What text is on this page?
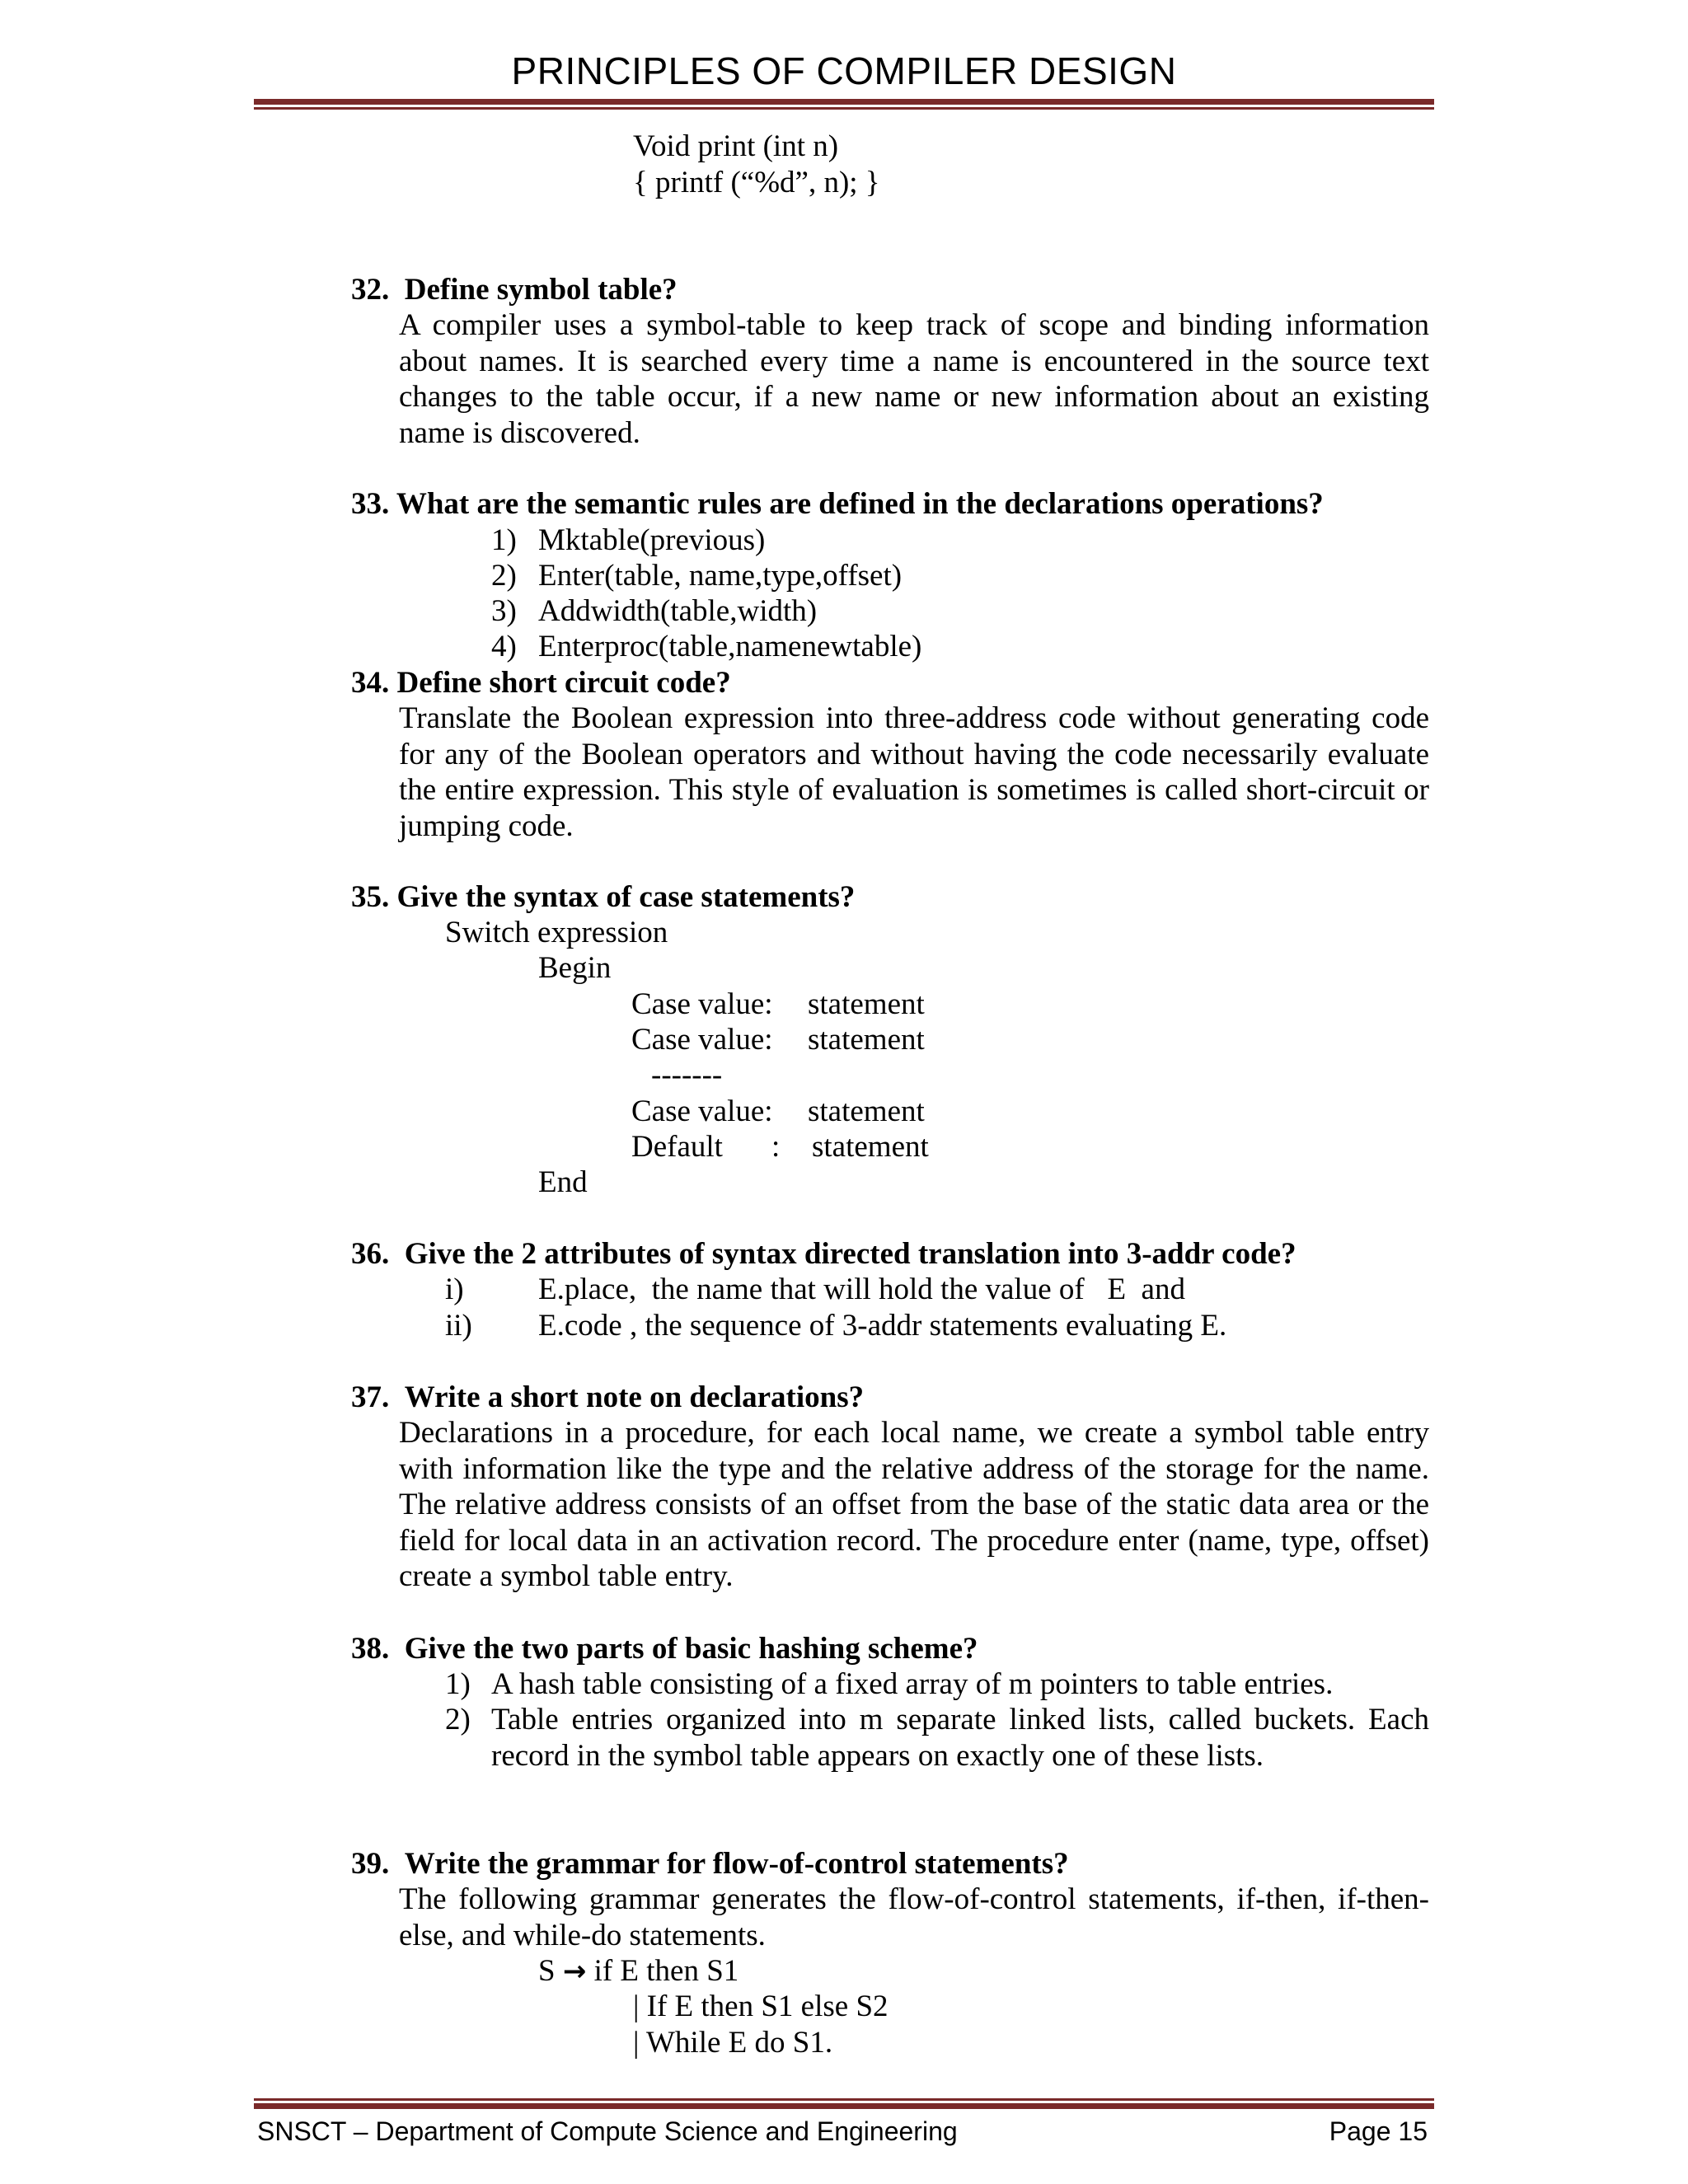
PRINCIPLES OF COMPILER DESIGN
Void print (int n)
{ printf (“%d”, n); }
32. Define symbol table?
A compiler uses a symbol-table to keep track of scope and binding information about names. It is searched every time a name is encountered in the source text changes to the table occur, if a new name or new information about an existing name is discovered.
33. What are the semantic rules are defined in the declarations operations?
1) Mktable(previous)
2) Enter(table, name,type,offset)
3) Addwidth(table,width)
4) Enterproc(table,namenewtable)
34. Define short circuit code?
Translate the Boolean expression into three-address code without generating code for any of the Boolean operators and without having the code necessarily evaluate the entire expression. This style of evaluation is sometimes is called short-circuit or jumping code.
35. Give the syntax of case statements?
Switch expression
Begin
Case value: statement
Case value: statement
-------
Case value: statement
Default : statement
End
36. Give the 2 attributes of syntax directed translation into 3-addr code?
i) E.place,  the name that will hold the value of   E  and
ii) E.code , the sequence of 3-addr statements evaluating E.
37. Write a short note on declarations?
Declarations in a procedure, for each local name, we create a symbol table entry with information like the type and the relative address of the storage for the name. The relative address consists of an offset from the base of the static data area or the field for local data in an activation record. The procedure enter (name, type, offset) create a symbol table entry.
38. Give the two parts of basic hashing scheme?
1) A hash table consisting of a fixed array of m pointers to table entries.
2) Table entries organized into m separate linked lists, called buckets. Each record in the symbol table appears on exactly one of these lists.
39. Write the grammar for flow-of-control statements?
The following grammar generates the flow-of-control statements, if-then, if-then-else, and while-do statements.
S → if E then S1
| If E then S1 else S2
| While E do S1.
SNSCT – Department of Compute Science and Engineering	Page 15
